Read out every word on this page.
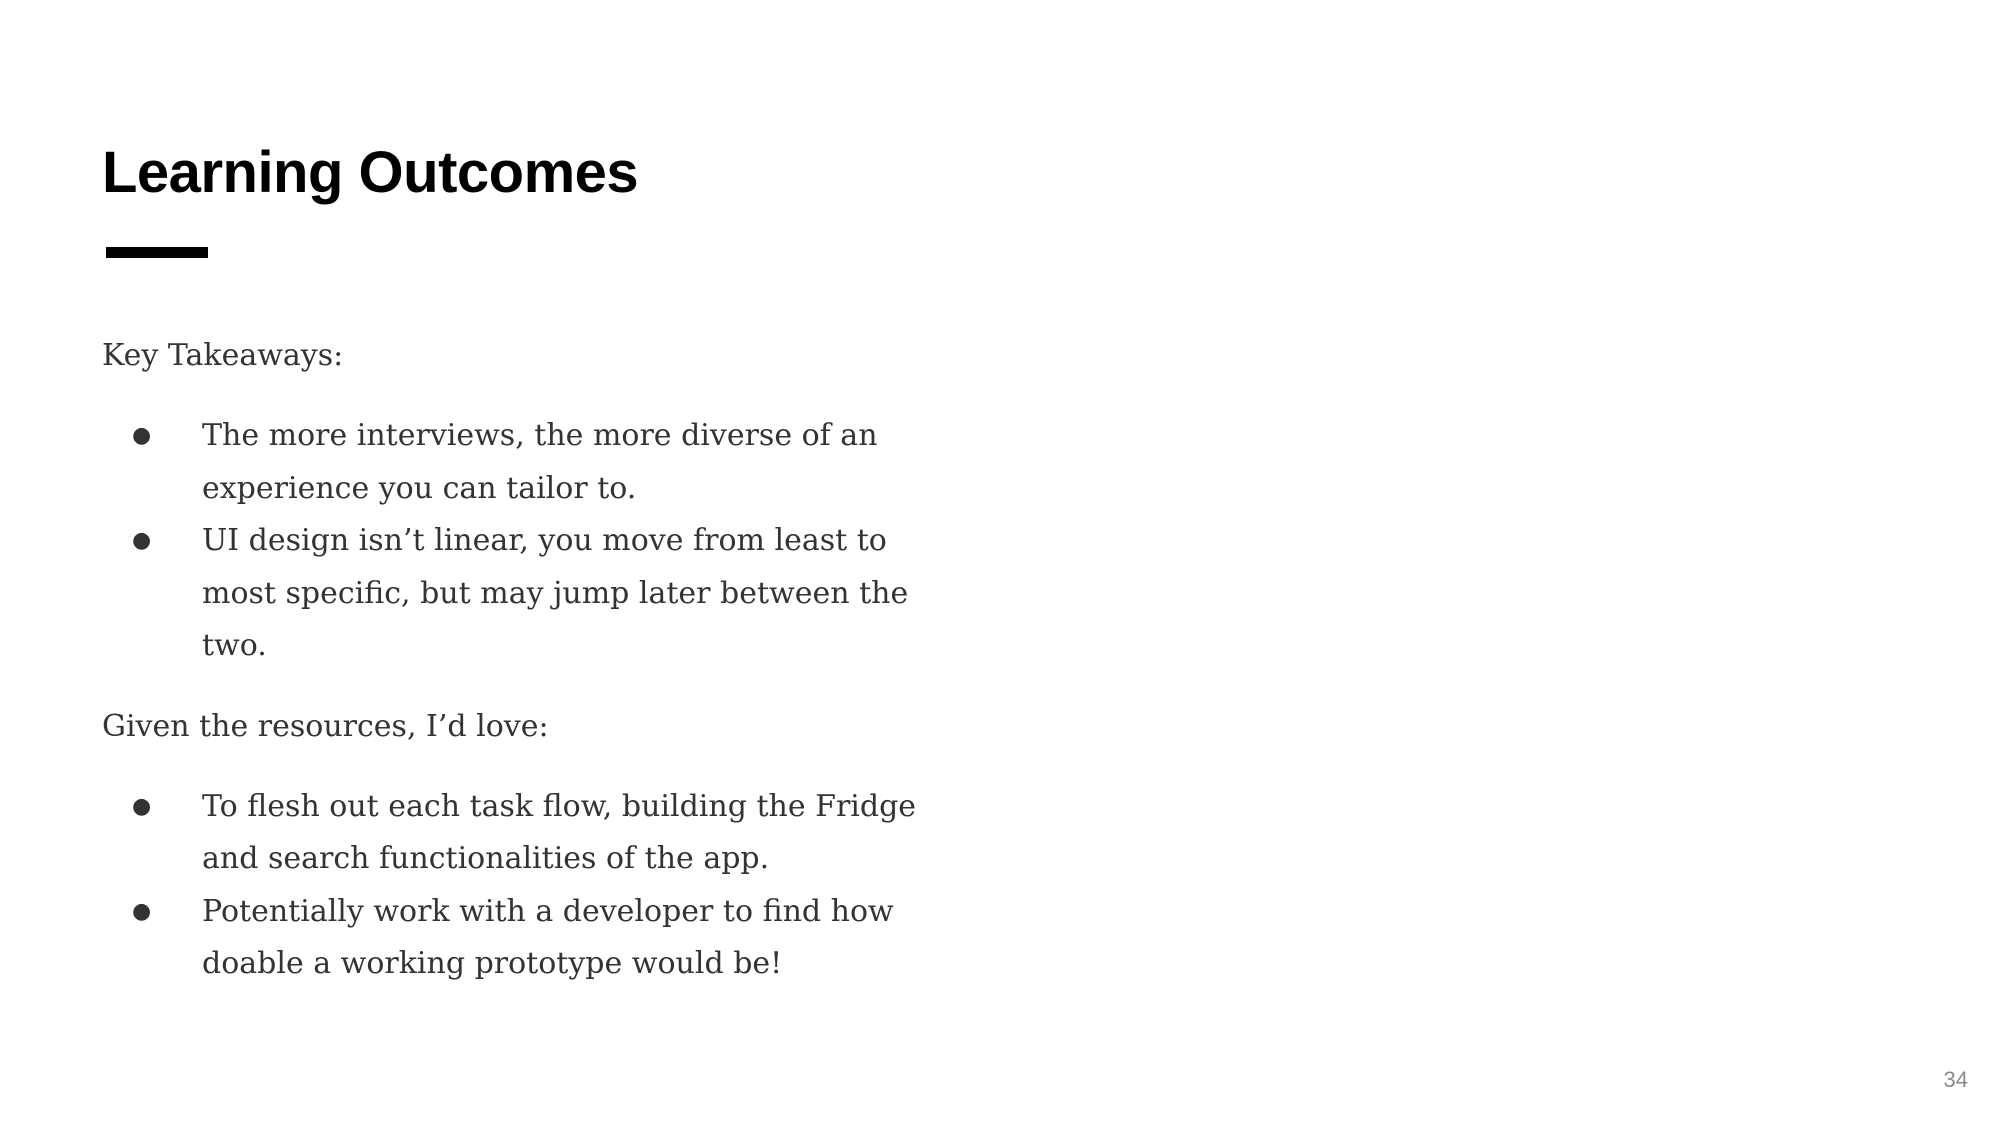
Learning Outcomes

Key Takeaways:

● The more interviews, the more diverse of an experience you can tailor to.
● UI design isn’t linear, you move from least to most specific, but may jump later between the two.

Given the resources, I’d love:

● To flesh out each task flow, building the Fridge and search functionalities of the app.
● Potentially work with a developer to find how doable a working prototype would be!
34
